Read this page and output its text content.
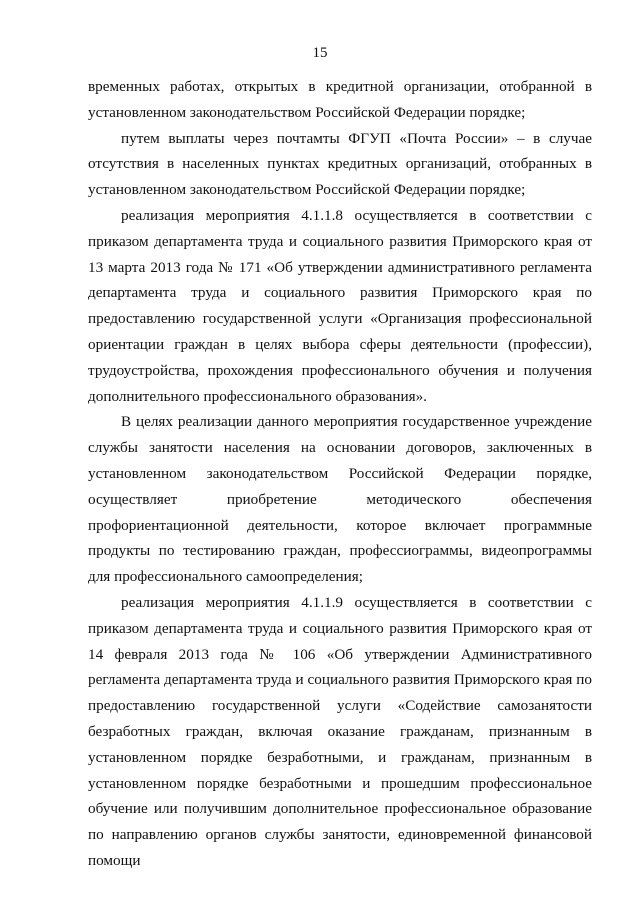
15

временных работах, открытых в кредитной организации, отобранной в установленном законодательством Российской Федерации порядке;

путем выплаты через почтамты ФГУП «Почта России» – в случае отсутствия в населенных пунктах кредитных организаций, отобранных в установленном законодательством Российской Федерации порядке;

реализация мероприятия 4.1.1.8 осуществляется в соответствии с приказом департамента труда и социального развития Приморского края от 13 марта 2013 года № 171 «Об утверждении административного регламента департамента труда и социального развития Приморского края по предоставлению государственной услуги «Организация профессиональной ориентации граждан в целях выбора сферы деятельности (профессии), трудоустройства, прохождения профессионального обучения и получения дополнительного профессионального образования».

В целях реализации данного мероприятия государственное учреждение службы занятости населения на основании договоров, заключенных в установленном законодательством Российской Федерации порядке, осуществляет приобретение методического обеспечения профориентационной деятельности, которое включает программные продукты по тестированию граждан, профессиограммы, видеопрограммы для профессионального самоопределения;

реализация мероприятия 4.1.1.9 осуществляется в соответствии с приказом департамента труда и социального развития Приморского края от 14 февраля 2013 года № 106 «Об утверждении Административного регламента департамента труда и социального развития Приморского края по предоставлению государственной услуги «Содействие самозанятости безработных граждан, включая оказание гражданам, признанным в установленном порядке безработными, и гражданам, признанным в установленном порядке безработными и прошедшим профессиональное обучение или получившим дополнительное профессиональное образование по направлению органов службы занятости, единовременной финансовой помощи
